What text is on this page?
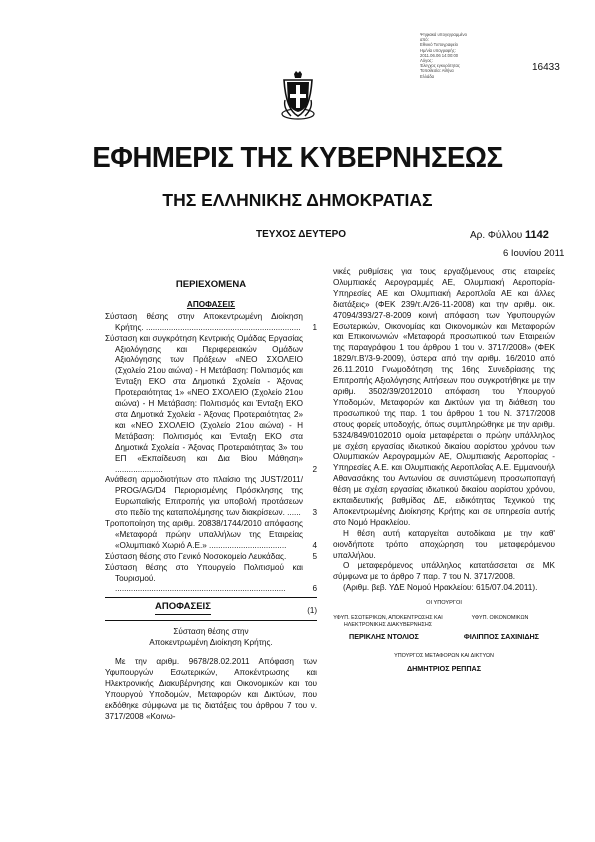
Ψηφιακά υπογεγραμμένο
από:
Εθνικό Τυπογραφείο
Ημ/νία υπογραφής:
2011.06.06 14:00:00
Λόγος:
Έλεγχος εγκυρότητας
Τοποθεσία: Αθήνα
Ελλάδα
16433
ΕΦΗΜΕΡΙΣ ΤΗΣ ΚΥΒΕΡΝΗΣΕΩΣ
ΤΗΣ ΕΛΛΗΝΙΚΗΣ ΔΗΜΟΚΡΑΤΙΑΣ
ΤΕΥΧΟΣ ΔΕΥΤΕΡΟ	Αρ. Φύλλου 1142
6 Ιουνίου 2011
ΠΕΡΙΕΧΟΜΕΝΑ
ΑΠΟΦΑΣΕΙΣ
Σύσταση θέσης στην Αποκεντρωμένη Διοίκηση Κρήτης. .................................................................... 1
Σύσταση και συγκρότηση Κεντρικής Ομάδας Εργασίας Αξιολόγησης και Περιφερειακών Ομάδων Αξιολόγησης των Πράξεων «ΝΕΟ ΣΧΟΛΕΙΟ (Σχολείο 21ου αιώνα) - Η Μετάβαση: Πολιτισμός και Ένταξη ΕΚΟ στα Δημοτικά Σχολεία - Άξονας Προτεραιότητας 1» «ΝΕΟ ΣΧΟΛΕΙΟ (Σχολείο 21ου αιώνα) - Η Μετάβαση: Πολιτισμός και Ένταξη ΕΚΟ στα Δημοτικά Σχολεία - Άξονας Προτεραιότητας 2» και «ΝΕΟ ΣΧΟΛΕΙΟ (Σχολείο 21ου αιώνα) - Η Μετάβαση: Πολιτισμός και Ένταξη ΕΚΟ στα Δημοτικά Σχολεία - Άξονας Προτεραιότητας 3» του ΕΠ «Εκπαίδευση και Δια Βίου Μάθηση» .....................	2
Ανάθεση αρμοδιοτήτων στο πλαίσιο της JUST/2011/ PROG/AG/D4 Περιορισμένης Πρόσκλησης της Ευρωπαϊκής Επιτροπής για υποβολή προτάσεων στο πεδίο της καταπολέμησης των διακρίσεων. ...... 3
Τροποποίηση της αριθμ. 20838/1744/2010 απόφασης «Μεταφορά πρώην υπαλλήλων της Εταιρείας «Ολυμπιακό Χωριό Α.Ε.» ..................................	4
Σύσταση θέσης στο Γενικό Νοσοκομείο Λευκάδας.	5
Σύσταση θέσης στο Υπουργείο Πολιτισμού και Τουρισμού. ...........................................................................	6
ΑΠΟΦΑΣΕΙΣ	(1)

Σύσταση θέσης στην Αποκεντρωμένη Διοίκηση Κρήτης.

Με την αριθμ. 9678/28.02.2011 Απόφαση των Υφυπουργών Εσωτερικών, Αποκέντρωσης και Ηλεκτρονικής Διακυβέρνησης και Οικονομικών και του Υπουργού Υποδομών, Μεταφορών και Δικτύων, που εκδόθηκε σύμφωνα με τις διατάξεις του άρθρου 7 του ν. 3717/2008 «Κοινω-

νικές ρυθμίσεις για τους εργαζόμενους στις εταιρείες Ολυμπιακές Αερογραμμές ΑΕ, Ολυμπιακή Αεροπορία-Υπηρεσίες ΑΕ και Ολυμπιακή Αεροπλοΐα ΑΕ και άλλες διατάξεις» (ΦΕΚ 239/τ.Α/26-11-2008) και την αριθμ. οικ. 47094/393/27-8-2009 κοινή απόφαση των Υφυπουργών Εσωτερικών, Οικονομίας και Οικονομικών και Μεταφορών και Επικοινωνιών «Μεταφορά προσωπικού των Εταιρειών της παραγράφου 1 του άρθρου 1 του ν. 3717/2008» (ΦΕΚ 1829/τ.Β'/3-9-2009), ύστερα από την αριθμ. 16/2010 από 26.11.2010 Γνωμοδότηση της 16ης Συνεδρίασης της Επιτροπής Αξιολόγησης Αιτήσεων που συγκροτήθηκε με την αριθμ. 3502/39/2012010 απόφαση του Υπουργού Υποδομών, Μεταφορών και Δικτύων για τη διάθεση του προσωπικού της παρ. 1 του άρθρου 1 του Ν. 3717/2008 στους φορείς υποδοχής, όπως συμπληρώθηκε με την αριθμ. 5324/849/0102010 ομοία μεταφέρεται ο πρώην υπάλληλος με σχέση εργασίας ιδιωτικού δικαίου αορίστου χρόνου των Ολυμπιακών Αερογραμμών ΑΕ, Ολυμπιακής Αεροπορίας - Υπηρεσίες Α.Ε. και Ολυμπιακής Αεροπλοΐας Α.Ε. Εμμανουήλ Αθανασάκης του Αντωνίου σε συνιστώμενη προσωποπαγή θέση με σχέση εργασίας ιδιωτικού δικαίου αορίστου χρόνου, εκπαιδευτικής βαθμίδας ΔΕ, ειδικότητας Τεχνικού της Αποκεντρωμένης Διοίκησης Κρήτης και σε υπηρεσία αυτής στο Νομό Ηρακλείου.

Η θέση αυτή καταργείται αυτοδίκαια με την καθ' οιονδήποτε τρόπο αποχώρηση του μεταφερόμενου υπαλλήλου.

Ο μεταφερόμενος υπάλληλος κατατάσσεται σε ΜΚ σύμφωνα με το άρθρο 7 παρ. 7 του Ν. 3717/2008.

(Αριθμ. βεβ. ΥΔΕ Νομού Ηρακλείου: 615/07.04.2011).

ΟΙ ΥΠΟΥΡΓΟΙ
ΥΦΥΠ. ΕΣΩΤΕΡΙΚΩΝ, ΑΠΟΚΕΝΤΡΩΣΗΣ ΚΑΙ ΗΛΕΚΤΡΟΝΙΚΗΣ ΔΙΑΚΥΒΕΡΝΗΣΗΣ
ΥΦΥΠ. ΟΙΚΟΝΟΜΙΚΩΝ
ΠΕΡΙΚΛΗΣ ΝΤΟΛΙΟΣ	ΦΙΛΙΠΠΟΣ ΣΑΧΙΝΙΔΗΣ
ΥΠΟΥΡΓΟΣ ΜΕΤΑΦΟΡΩΝ ΚΑΙ ΔΙΚΤΥΩΝ
ΔΗΜΗΤΡΙΟΣ ΡΕΠΠΑΣ
